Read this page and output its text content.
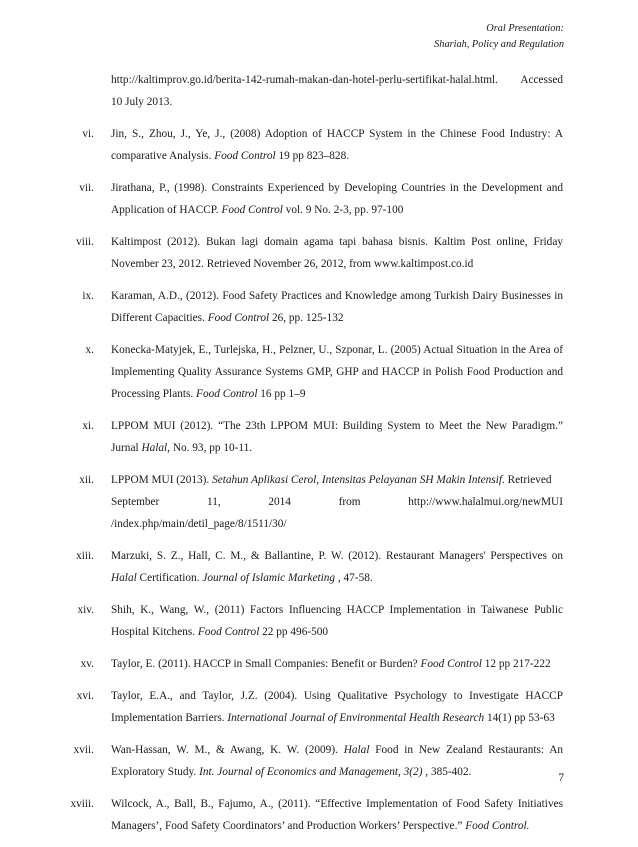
Oral Presentation:
Shariah, Policy and Regulation
http://kaltimprov.go.id/berita-142-rumah-makan-dan-hotel-perlu-sertifikat-halal.html. Accessed
10 July 2013.
vi. Jin, S., Zhou, J., Ye, J., (2008) Adoption of HACCP System in the Chinese Food Industry: A comparative Analysis. Food Control 19 pp 823–828.
vii. Jirathana, P., (1998). Constraints Experienced by Developing Countries in the Development and Application of HACCP. Food Control vol. 9 No. 2-3, pp. 97-100
viii. Kaltimpost (2012). Bukan lagi domain agama tapi bahasa bisnis. Kaltim Post online, Friday November 23, 2012. Retrieved November 26, 2012, from www.kaltimpost.co.id
ix. Karaman, A.D., (2012). Food Safety Practices and Knowledge among Turkish Dairy Businesses in Different Capacities. Food Control 26, pp. 125-132
x. Konecka-Matyjek, E., Turlejska, H., Pelzner, U., Szponar, L. (2005) Actual Situation in the Area of Implementing Quality Assurance Systems GMP, GHP and HACCP in Polish Food Production and Processing Plants. Food Control 16 pp 1–9
xi. LPPOM MUI (2012). “The 23th LPPOM MUI: Building System to Meet the New Paradigm.” Jurnal Halal, No. 93, pp 10-11.
xii. LPPOM MUI (2013). Setahun Aplikasi Cerol, Intensitas Pelayanan SH Makin Intensif. Retrieved
September	11,	2014	from	http://www.halalmui.org/newMUI
/index.php/main/detil_page/8/1511/30/
xiii. Marzuki, S. Z., Hall, C. M., & Ballantine, P. W. (2012). Restaurant Managers' Perspectives on Halal Certification. Journal of Islamic Marketing , 47-58.
xiv. Shih, K., Wang, W., (2011) Factors Influencing HACCP Implementation in Taiwanese Public Hospital Kitchens. Food Control 22 pp 496-500
xv. Taylor, E. (2011). HACCP in Small Companies: Benefit or Burden? Food Control 12 pp 217-222
xvi. Taylor, E.A., and Taylor, J.Z. (2004). Using Qualitative Psychology to Investigate HACCP Implementation Barriers. International Journal of Environmental Health Research 14(1) pp 53-63
xvii. Wan-Hassan, W. M., & Awang, K. W. (2009). Halal Food in New Zealand Restaurants: An Exploratory Study. Int. Journal of Economics and Management, 3(2) , 385-402.
xviii. Wilcock, A., Ball, B., Fajumo, A., (2011). “Effective Implementation of Food Safety Initiatives Managers’, Food Safety Coordinators’ and Production Workers’ Perspective.” Food Control.
7
